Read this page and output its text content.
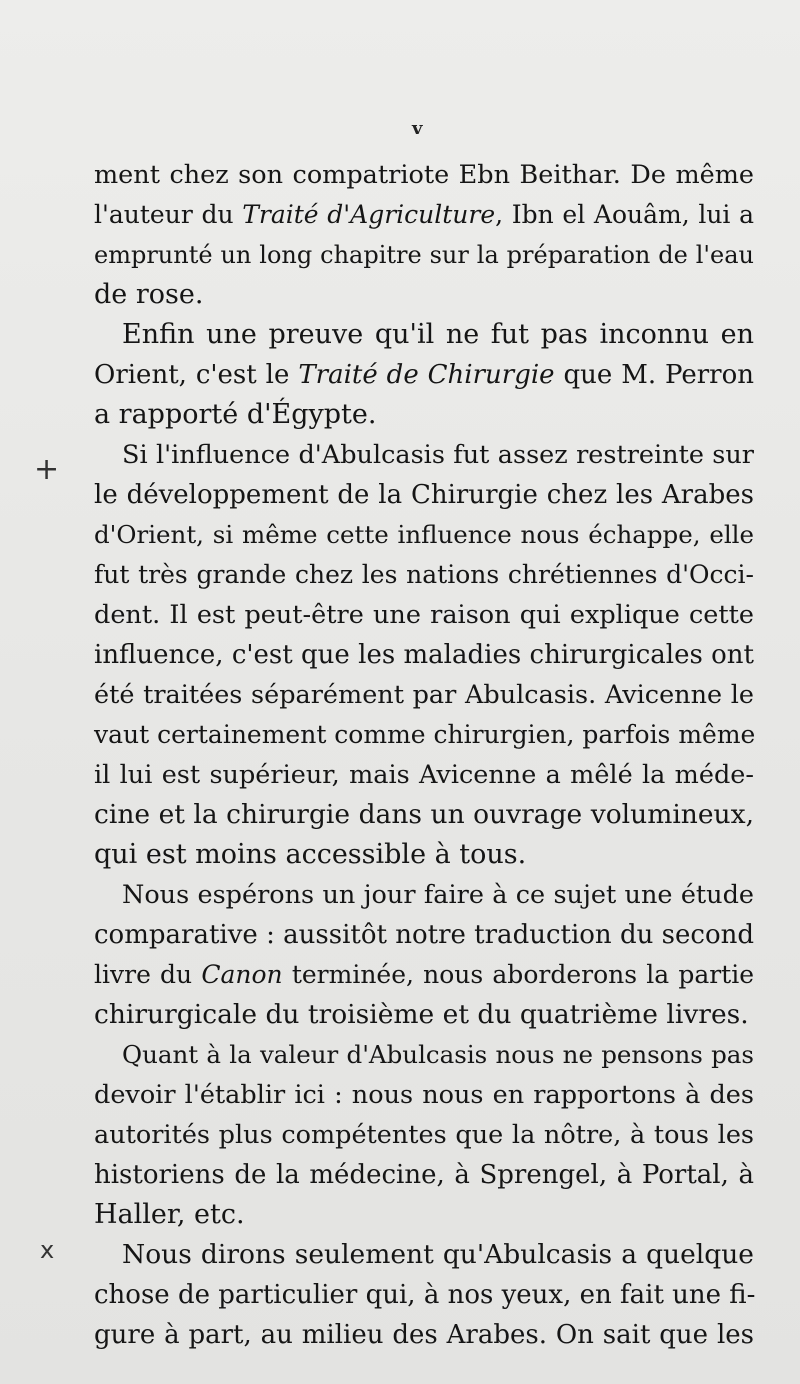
v
+
x
ment chez son compatriote Ebn Beithar. De même
l'auteur du Traité d'Agriculture, Ibn el Aouâm, lui a
emprunté un long chapitre sur la préparation de l'eau
de rose.
Enfin une preuve qu'il ne fut pas inconnu en
Orient, c'est le Traité de Chirurgie que M. Perron
a rapporté d'Égypte.
Si l'influence d'Abulcasis fut assez restreinte sur
le développement de la Chirurgie chez les Arabes
d'Orient, si même cette influence nous échappe, elle
fut très grande chez les nations chrétiennes d'Occi-
dent. Il est peut-être une raison qui explique cette
influence, c'est que les maladies chirurgicales ont
été traitées séparément par Abulcasis. Avicenne le
vaut certainement comme chirurgien, parfois même
il lui est supérieur, mais Avicenne a mêlé la méde-
cine et la chirurgie dans un ouvrage volumineux,
qui est moins accessible à tous.
Nous espérons un jour faire à ce sujet une étude
comparative : aussitôt notre traduction du second
livre du Canon terminée, nous aborderons la partie
chirurgicale du troisième et du quatrième livres.
Quant à la valeur d'Abulcasis nous ne pensons pas
devoir l'établir ici : nous nous en rapportons à des
autorités plus compétentes que la nôtre, à tous les
historiens de la médecine, à Sprengel, à Portal, à
Haller, etc.
Nous dirons seulement qu'Abulcasis a quelque
chose de particulier qui, à nos yeux, en fait une fi-
gure à part, au milieu des Arabes. On sait que les
